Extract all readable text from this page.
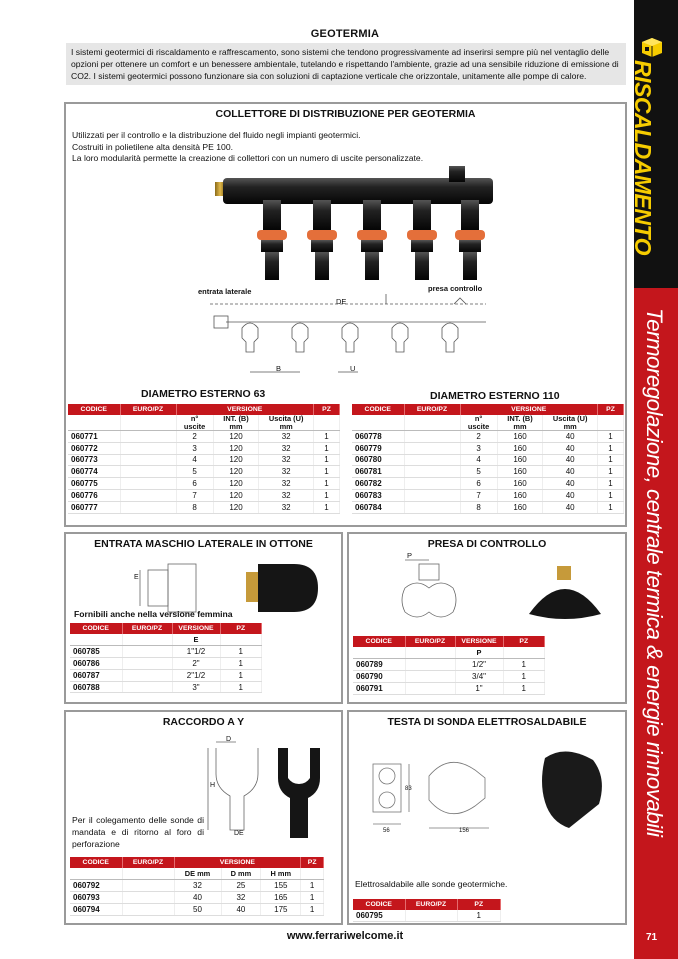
RISCALDAMENTO
Termoregolazione, centrale termica & energie rinnovabili
71
GEOTERMIA
I sistemi geotermici di riscaldamento e raffrescamento, sono sistemi che tendono progressivamente ad inserirsi sempre più nel ventaglio delle opzioni per ottenere un comfort e un benessere ambientale, tutelando e rispettando l'ambiente, grazie ad una sensibile riduzione di emissione di CO2. I sistemi geotermici possono funzionare sia con soluzioni di captazione verticale che orizzontale, unitamente alle pompe di calore.
COLLETTORE DI DISTRIBUZIONE PER GEOTERMIA
Utilizzati per il controllo e la distribuzione del fluido negli impianti geotermici.
Costruiti in polietilene alta densità PE 100.
La loro modularità permette la creazione di collettori con un numero di uscite personalizzate.
entrata laterale	presa controllo
DE
B	U
DIAMETRO ESTERNO 63	DIAMETRO ESTERNO 110
CODICE	EURO/PZ	VERSIONE			PZ
		n° uscite	INT. (B) mm	Uscita (U) mm	
060771		2	120	32	1
060772		3	120	32	1
060773		4	120	32	1
060774		5	120	32	1
060775		6	120	32	1
060776		7	120	32	1
060777		8	120	32	1
CODICE	EURO/PZ	VERSIONE			PZ
		n° uscite	INT. (B) mm	Uscita (U) mm	
060778		2	160	40	1
060779		3	160	40	1
060780		4	160	40	1
060781		5	160	40	1
060782		6	160	40	1
060783		7	160	40	1
060784		8	160	40	1
ENTRATA MASCHIO LATERALE IN OTTONE
E
Fornibili anche nella versione femmina
CODICE	EURO/PZ	VERSIONE	PZ
		E	
060785		1"1/2	1
060786		2"	1
060787		2"1/2	1
060788		3"	1
PRESA DI CONTROLLO
P
CODICE	EURO/PZ	VERSIONE	PZ
		P	
060789		1/2"	1
060790		3/4"	1
060791		1"	1
RACCORDO A Y
D
H
DE
Per il colegamento delle sonde di mandata e di ritorno al foro di perforazione
CODICE	EURO/PZ	VERSIONE			PZ
		DE mm	D mm	H mm	
060792		32	25	155	1
060793		40	32	165	1
060794		50	40	175	1
TESTA DI SONDA ELETTROSALDABILE
83
56	156
Elettrosaldabile alle sonde geotermiche.
CODICE	EURO/PZ	PZ
060795		1
www.ferrariwelcome.it
